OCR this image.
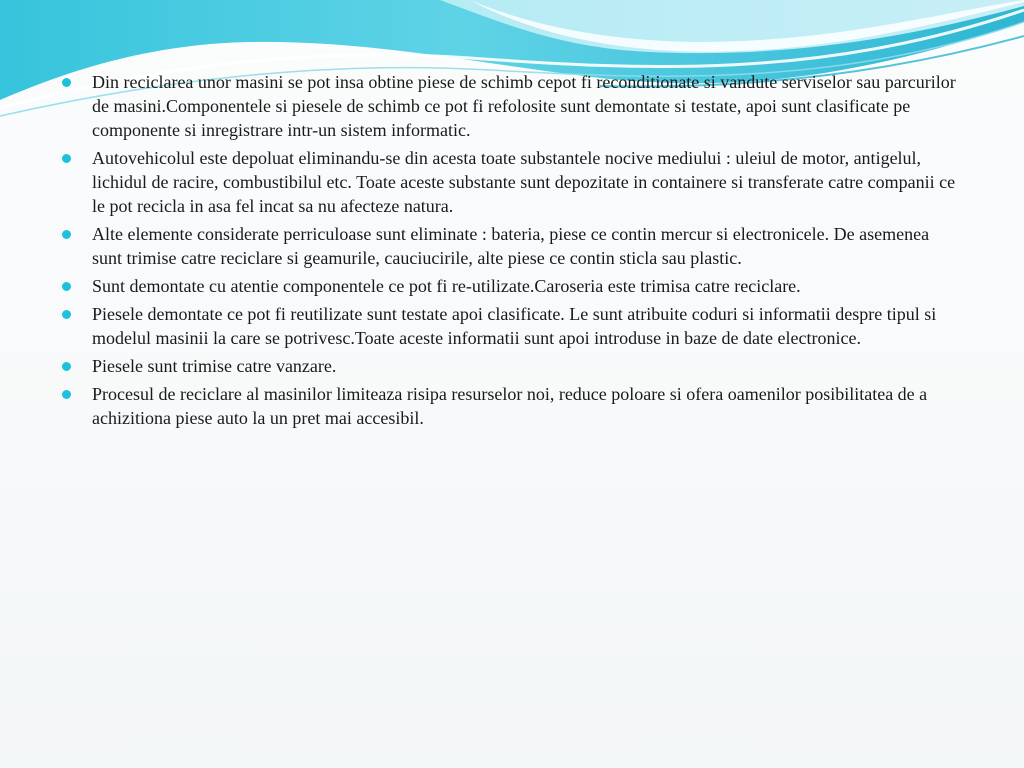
Din reciclarea unor masini se pot insa obtine piese de schimb cepot fi reconditionate si vandute serviselor sau parcurilor de masini.Componentele si piesele de schimb ce pot fi refolosite sunt demontate si testate, apoi sunt clasificate pe componente si inregistrare intr-un sistem informatic.
Autovehicolul este depoluat eliminandu-se din acesta toate substantele nocive mediului : uleiul de motor, antigelul, lichidul de racire, combustibilul etc. Toate aceste substante sunt depozitate in containere si transferate catre companii ce le pot recicla in asa fel incat sa nu afecteze natura.
Alte elemente considerate perriculoase sunt eliminate : bateria, piese ce contin mercur si electronicele. De asemenea sunt trimise catre reciclare si geamurile, cauciucirile, alte piese ce contin sticla sau plastic.
Sunt demontate cu atentie componentele ce pot fi re-utilizate.Caroseria este trimisa catre reciclare.
Piesele demontate ce pot fi reutilizate sunt testate apoi clasificate. Le sunt atribuite coduri si informatii despre tipul si modelul masinii la care se potrivesc.Toate aceste informatii sunt apoi introduse in baze de date electronice.
Piesele sunt trimise catre vanzare.
Procesul de reciclare al masinilor limiteaza risipa resurselor noi, reduce poloare si ofera oamenilor posibilitatea de a achizitiona piese auto la un pret mai accesibil.
